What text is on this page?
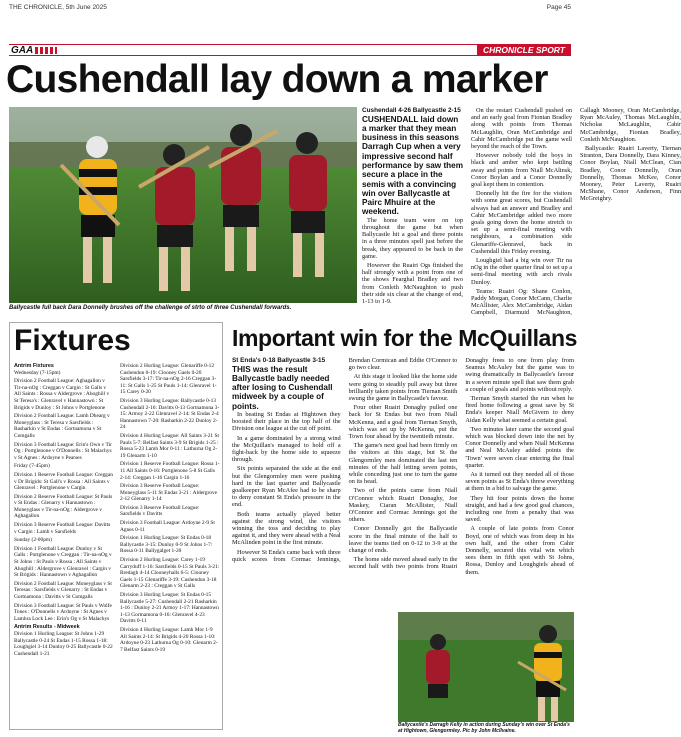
THE CHRONICLE, 5th June 2025	Page 45
GAA	CHRONICLE SPORT
Cushendall lay down a marker
Ballycastle full back Dara Donnelly brushes off the challenge of strto of three Cushendall forwards.
Cushendall 4-26 Ballycastle 2-15
CUSHENDALL laid down a marker that they mean business in this seasons Darragh Cup when a very impressive second half performance by saw them secure a place in the semis with a convincing win over Ballycastle at Pairc Mhuire at the weekend.

The home team were on top throughout the game but when Ballycastle hit a goal and three points in a three minutes spell just before the break, they appeared to be back in the game.

However the Ruairi Ogs finished the half strongly with a point from one of the shows Fearghal Bradley and two from Conleth McNaughton to push their side six clear at the change of end, 1-13 to 1-9.

On the restart Cushendall pushed on and an early goal from Fiontan Bradley along with points from Thomas McLaughlin, Oran McCambridge and Cahir McCambridge put the game well beyond the reach of the Town.

However nobody told the boys in black and amber who kept battling away and points from Niall McAlinsk, Conor Boylan and a Conor Donnelly goal kept them in contention.

Donnelly hit the fire for the visitors with some great scores, but Cushendall always had an answer and Bradley and Cahir McCambridge added two more goals going down the home stretch to set up a semi-final meeting with neighbours, a combination side Glenariffe-Glenravel, back in Cushendall this Friday evening.

Loughgiel had a big win over Tir na nOg in the other quarter final to set up a semi-final meeting with arch rivals Dunloy.

Teams: Ruairi Og: Shane Conlon, Paddy Morgan, Conor McCann, Charlie McAllister, Alex McCambridge, Aidan Campbell, Diarmuid McNaughton, Callagh Mooney, Oran McCambridge, Ryan McAuley, Thomas McLaughlin, Nicholas McLaughlin, Cahir McCambridge, Fiontan Bradley, Conleth McNaughton.

Ballycastle: Ruairi Laverty, Tiernan Stranton, Dara Donnelly, Dara Kinney, Conor Boylan, Niall McClean, Cian Bradley, Conor Donnelly, Oran Donnelly, Thomas McKee, Conor Mooney, Peter Laverty, Ruairi McShane, Conor Anderson, Finn McGreighry.

Fixtures

Antrim Fixtures
Wednesday (7-15pm)

Division 2 Football League: Aghagallon v Tir-na-nOg : Creggan v Cargin : St Galls v All Saints : Rossa v Aldergrove : Ahoghill v St Teresa's : Glenravel v Hannastown : St Brigids v Dunloy : St Johns v Portglenone

Division 2 Football League: Lamh Dhearg v Moneyglass : St Teresa v Sarsfields : Rasharkin v St Endas : Gortnamona v St Comgalls

Division 3 Football League: Erin's Own v Tir Og : Portglenone v O'Donnells : St Malachys v St Agnes : Ardoyne v Pearses

Friday (7-45pm)

Division 1 Reserve Football League: Creggan v Dr Brigids: St Gall's v Rossa : All Saints v Glenravel : Portglenone v Cargin

Division 2 Reserve Football League: St Pauls v St Endas : Glenarry v Hannastown : Moneyglass v Tir-na-nOg : Aldergrove v Aghagallon

Division 3 Reserve Football League: Davitts v Cargin : Lamh v Sarsfields

Sunday (2-00pm)

Division 1 Football League: Dunloy v St Galls : Portglenone v Creggan : Tir-na-nOg v St Johns : St Pauls v Rossa : All Saints v Ahoghill : Aldergrove v Glenravel : Cargin v St Brigids : Hannastown v Aghagallon

Division 2 Football League: Moneyglass v St Teresas : Sarsfields v Glenarry : St Endas v Gortnamona : Davitts v St Comgalls

Division 3 Football League: St Pauls v Wolfe Tones : O'Donnells v Ardoyne : St Agnes v Lamhra Lock Lee : Erin's Og v St Malachys

Antrim Results - Midweek
Division 1 Hurling League: St Johns 1-29 Ballycastle 0-24 St Endas 1-15 Rossa 1-18: Loughgiel 3-14 Dunloy 0-25 Ballycastle 0-22 Cushendall 1-21

Division 2 Hurling League: Glenariffe 0-12 Cushendun 0-19: Clooney Gaels 0-20 Sarsfields 3-17: Tir-na-nOg 2-16 Creggan 3-11: St Galls 1-25 St Pauls 1-14: Glenravel 1-15 Carey 0-20

Division 3 Hurling League: Ballycastle 0-13 Cushendall 2-16: Davitts 0-13 Gortnamona 3-15: Armoy 2-22 Glenravel 2-14: St Endas 2-4 Hannastown 7-20: Rasharkin 2-22 Dunloy 2-24

Division 4 Hurling League: All Saints 3-21 St Pauls 5-7: Belfast Saints 3-9 St Brigids 1-25 : Rossa 5-23 Lamh Mor 0-11 : Lathurna Og 2-19 Glenarm 1-10

Division 1 Reserve Football League: Rossa 1-11 All Saints 0-16: Portglenone 5-8 St Galls 2-14: Creggan 1-16 Cargin 1-16

Division 3 Reserve Football League: Moneyglass 5-11 St Endas 3-21 : Aldergrove 2-12 Glenarry 1-14

Division 3 Reserve Football League: Sarsfields v Davitts

Division 3 Football League: Ardoyne 2-9 St Agnes 0-11

Division 1 Hurling League: St Endas 0-18 Ballycastle 3-15: Dunloy 0-9 St Johns 1-7: Rossa 0-11 Ballygalget 1-20

Division 2 Hurling League: Carey 1-19 Carryduff 1-16: Sarsfields 0-15 St Pauls 3-21: Bredagh 4-14 Clooneyhalls 6-5: Clooney Gaels 1-15 Glenariffe 3-19: Cushendun 3-18 Glenarm 2-23 : Creggan v St Galls

Division 3 Hurling League: St Endas 0-15 Ballycastle 5-27: Cushendall 2-21 Rasharkin 1-16 : Dunloy 2-21 Armoy 1-17: Hannastown 1-13 Gortnamona 0-16: Glenravel 4-23 Davitts 0-11

Division 4 Hurling League: Lamh Mor 1-9 All Saints 2-14: St Brigids 4-20 Rossa 1-10: Ardoyne 0-23 Lathurna Og 0-10: Glenarm 2-7 Belfast Saints 0-19

Important win for the McQuillans
St Enda's 0-18 Ballycastle 3-15
THIS was the result Ballycastle badly needed after losing to Cushendall midweek by a couple of points.

In beating St Endas at Hightown they boosted their place in the top half of the Division one league at the cut off point.

In a game dominated by a strong wind the McQuillan's managed to hold off a fight-back by the home side to squeeze through.

Six points separated the side at the end but the Glengormley men were pushing hard in the last quarter and Ballycastle goalkeeper Ryan McAfee had to be sharp to deny constant St Enda's pressure in the end.

Both teams actually played better against the strong wind, the visitors winning the toss and deciding to play against it, and they were ahead with a Neal McAlinden point in the first minute.

However St Enda's came back with three quick scores from Cormac Jennings, Brendan Cormican and Eddie O'Connor to go two clear.

At this stage it looked like the home side were going to steadily pull away but three brilliantly taken points from Tiernan Smith swung the game in Ballycastle's favour.

Four other Ruairi Donaghy pulled one back for St Endas but two from Niall McKenna, and a goal from Tiernan Smyth, which was set up by McKenna, put the Town four ahead by the twentieth minute.

The game's next goal had been firmly on the visitors at this stage, but St the Glengormley men dominated the last ten minutes of the half letting seven points, while conceding just one to turn the game on its head.

Two of the points came from Niall O'Connor which Ruairi Donaghy, Joe Maskey, Ciaran McAllister, Niall O'Connor and Cormac Jennings got the others.

Conor Donnelly got the Ballycastle score in the final minute of the half to leave the teams tied on 0-12 to 3-9 at the change of ends.

The home side moved ahead early in the second half with two points from Ruairi Donaghy frees to one from play from Seamus McAuley but the game was to swing dramatically in Ballycastle's favour in a seven minute spell that saw them grab a couple of goals and points without reply.

Tiernan Smyth started the run when he fired home following a great save by St Enda's keeper Niall McGivern to deny Aidan Kelly what seemed a certain goal.

Two minutes later came the second goal which was blocked down into the net by Conor Donnelly and when Niall McKenna and Neal McAuley added points the 'Town' were seven clear entering the final quarter.

As it turned out they needed all of those seven points as St Enda's threw everything at them in a bid to salvage the game.

They hit four points down the home straight, and had a few good goal chances, including one from a penalty that was saved.

A couple of late points from Conor Boyd, one of which was from deep in his own half, and the other from Cahir Donnelly, secured this vital win which sees them in fifth spot with St Johns, Rossa, Dunloy and Loughgiels ahead of them.

Ballycastle's Darragh Kelly in action during Sunday's win over St Enda's at Hightown, Glengormley. Pic by John McIlvaine.
